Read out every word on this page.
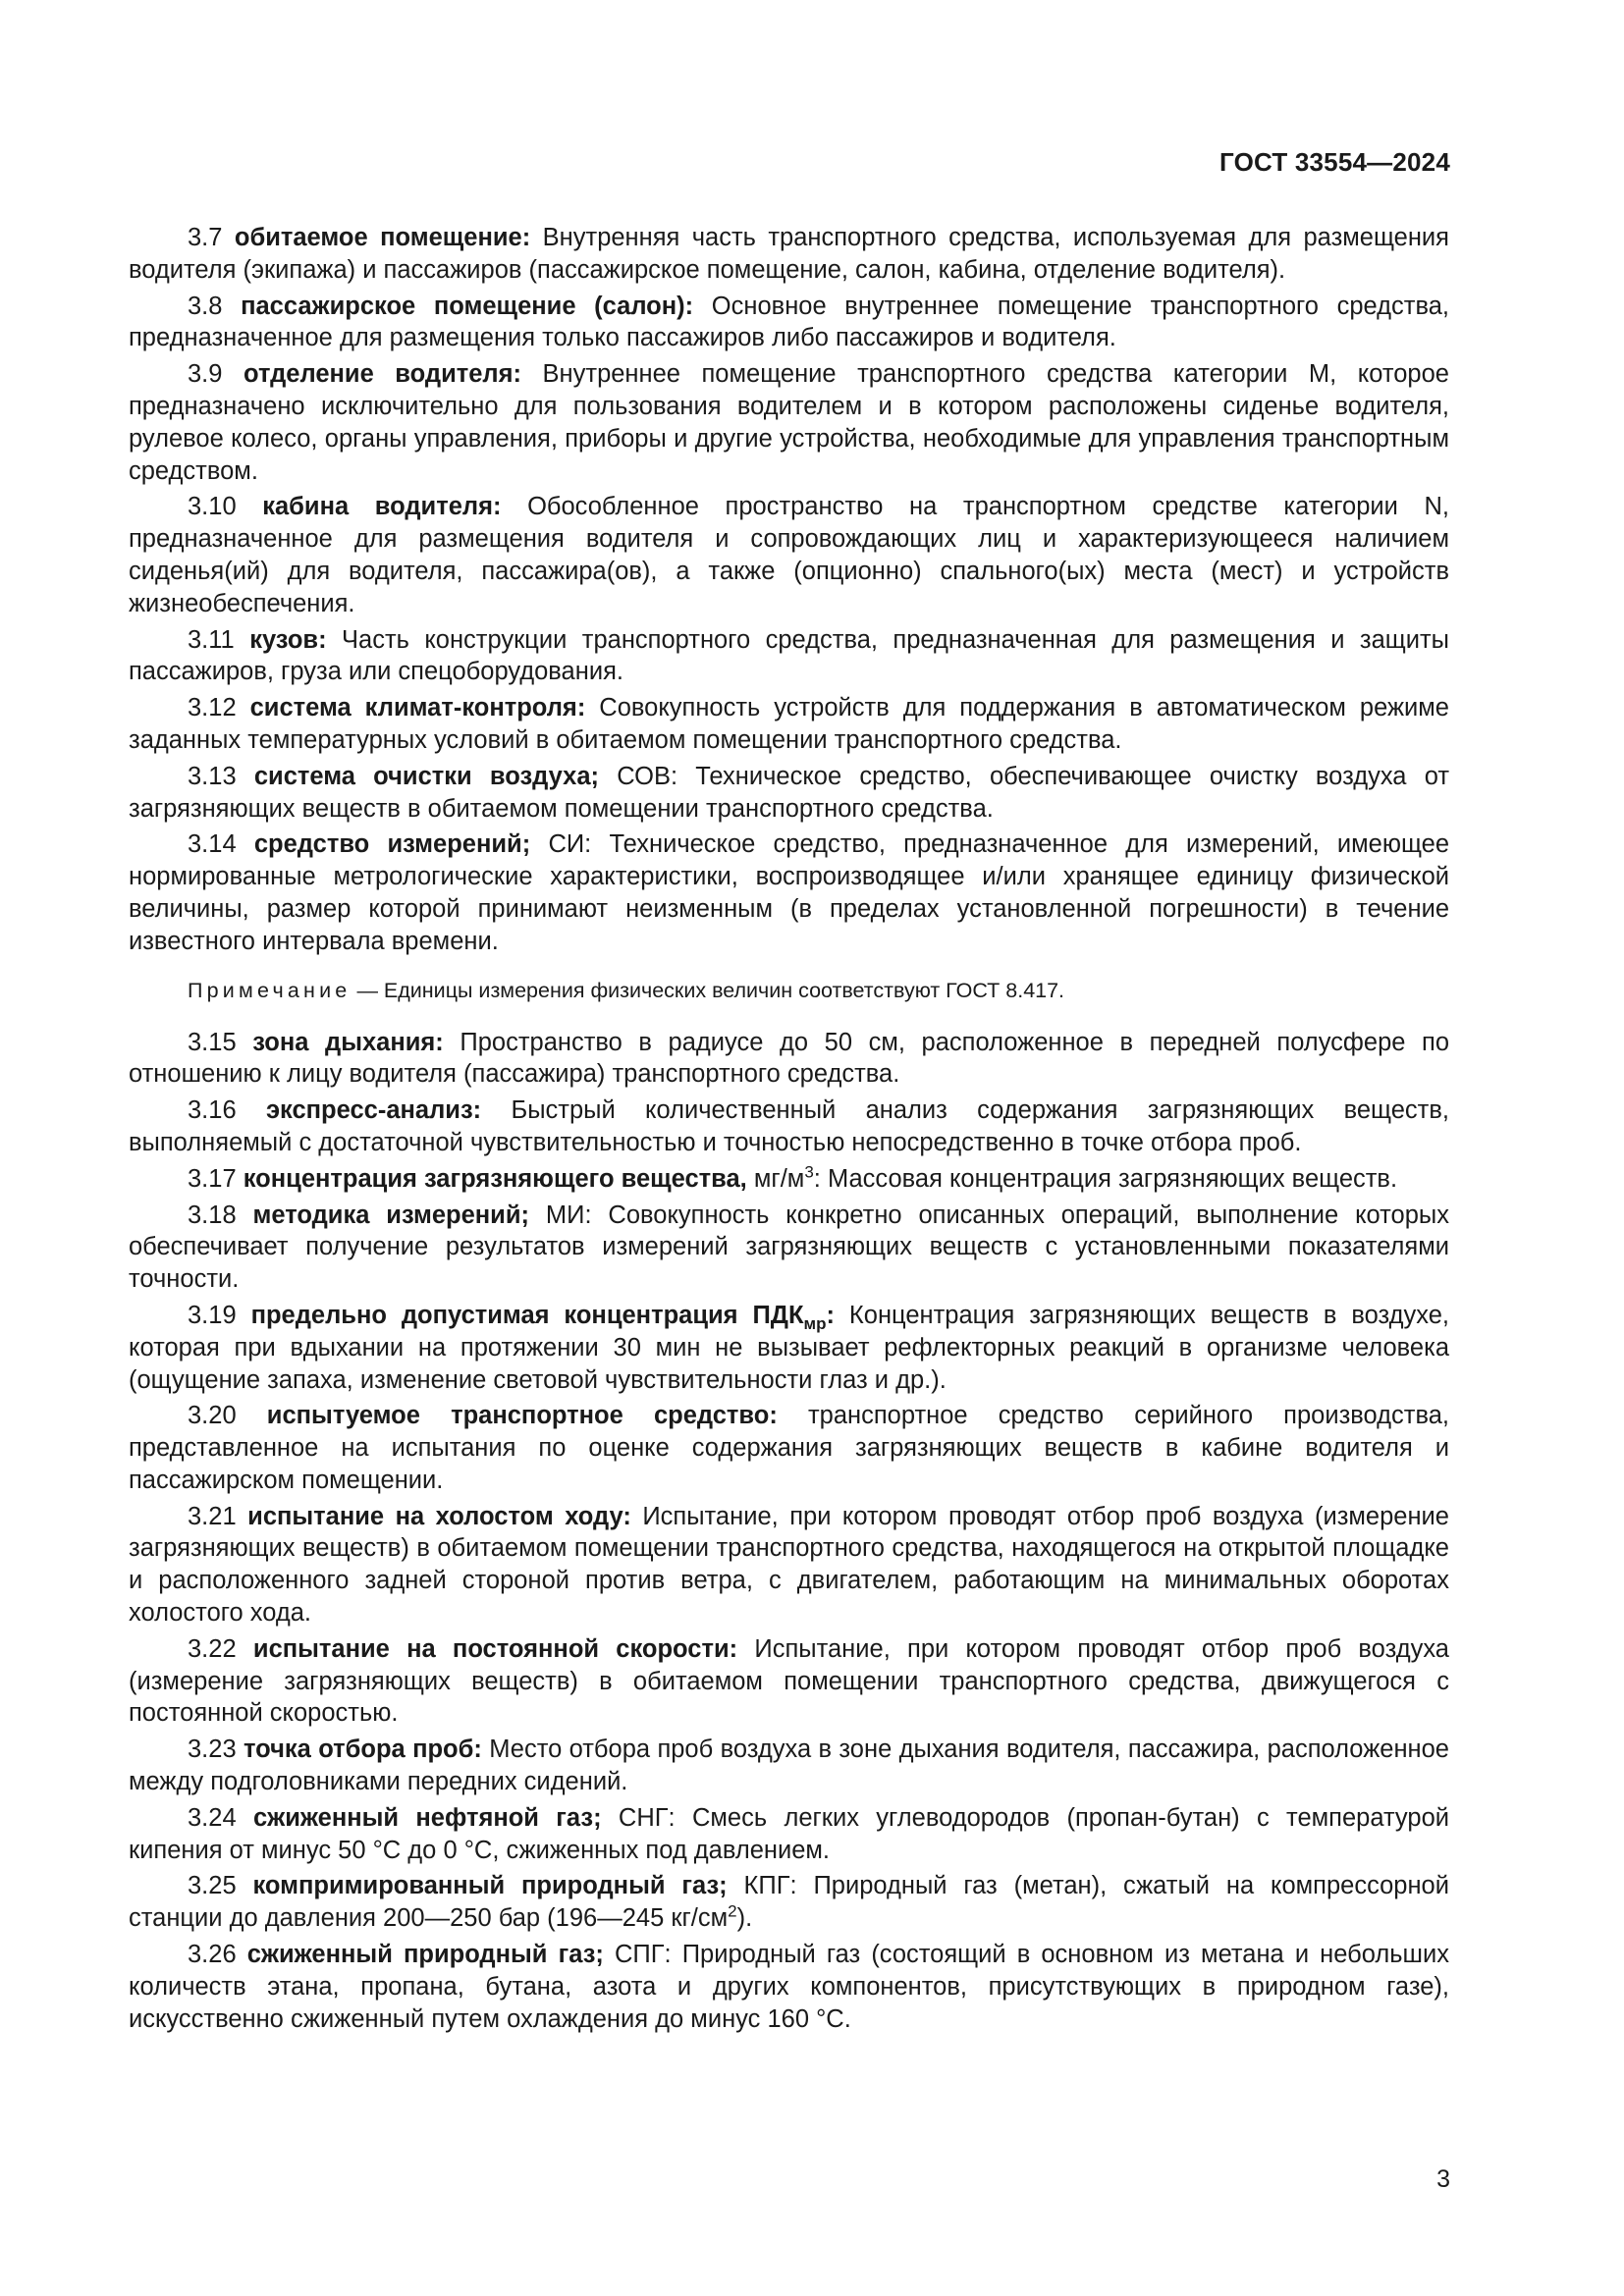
ГОСТ 33554—2024

3.7 обитаемое помещение: Внутренняя часть транспортного средства, используемая для размещения водителя (экипажа) и пассажиров (пассажирское помещение, салон, кабина, отделение водителя).

3.8 пассажирское помещение (салон): Основное внутреннее помещение транспортного средства, предназначенное для размещения только пассажиров либо пассажиров и водителя.

3.9 отделение водителя: Внутреннее помещение транспортного средства категории М, которое предназначено исключительно для пользования водителем и в котором расположены сиденье водителя, рулевое колесо, органы управления, приборы и другие устройства, необходимые для управления транспортным средством.

3.10 кабина водителя: Обособленное пространство на транспортном средстве категории N, предназначенное для размещения водителя и сопровождающих лиц и характеризующееся наличием сиденья(ий) для водителя, пассажира(ов), а также (опционно) спального(ых) места (мест) и устройств жизнеобеспечения.

3.11 кузов: Часть конструкции транспортного средства, предназначенная для размещения и защиты пассажиров, груза или спецоборудования.

3.12 система климат-контроля: Совокупность устройств для поддержания в автоматическом режиме заданных температурных условий в обитаемом помещении транспортного средства.

3.13 система очистки воздуха; СОВ: Техническое средство, обеспечивающее очистку воздуха от загрязняющих веществ в обитаемом помещении транспортного средства.

3.14 средство измерений; СИ: Техническое средство, предназначенное для измерений, имеющее нормированные метрологические характеристики, воспроизводящее и/или хранящее единицу физической величины, размер которой принимают неизменным (в пределах установленной погрешности) в течение известного интервала времени.

Примечание — Единицы измерения физических величин соответствуют ГОСТ 8.417.

3.15 зона дыхания: Пространство в радиусе до 50 см, расположенное в передней полусфере по отношению к лицу водителя (пассажира) транспортного средства.

3.16 экспресс-анализ: Быстрый количественный анализ содержания загрязняющих веществ, выполняемый с достаточной чувствительностью и точностью непосредственно в точке отбора проб.

3.17 концентрация загрязняющего вещества, $мг/м^3$: Массовая концентрация загрязняющих веществ.

3.18 методика измерений; МИ: Совокупность конкретно описанных операций, выполнение которых обеспечивает получение результатов измерений загрязняющих веществ с установленными показателями точности.

3.19 предельно допустимая концентрация $ПДК_{мр}$: Концентрация загрязняющих веществ в воздухе, которая при вдыхании на протяжении 30 мин не вызывает рефлекторных реакций в организме человека (ощущение запаха, изменение световой чувствительности глаз и др.).

3.20 испытуемое транспортное средство: транспортное средство серийного производства, представленное на испытания по оценке содержания загрязняющих веществ в кабине водителя и пассажирском помещении.

3.21 испытание на холостом ходу: Испытание, при котором проводят отбор проб воздуха (измерение загрязняющих веществ) в обитаемом помещении транспортного средства, находящегося на открытой площадке и расположенного задней стороной против ветра, с двигателем, работающим на минимальных оборотах холостого хода.

3.22 испытание на постоянной скорости: Испытание, при котором проводят отбор проб воздуха (измерение загрязняющих веществ) в обитаемом помещении транспортного средства, движущегося с постоянной скоростью.

3.23 точка отбора проб: Место отбора проб воздуха в зоне дыхания водителя, пассажира, расположенное между подголовниками передних сидений.

3.24 сжиженный нефтяной газ; СНГ: Смесь легких углеводородов (пропан-бутан) с температурой кипения от минус 50 °С до 0 °С, сжиженных под давлением.

3.25 компримированный природный газ; КПГ: Природный газ (метан), сжатый на компрессорной станции до давления 200—250 бар (196—245 $кг/см^2$).

3.26 сжиженный природный газ; СПГ: Природный газ (состоящий в основном из метана и небольших количеств этана, пропана, бутана, азота и других компонентов, присутствующих в природном газе), искусственно сжиженный путем охлаждения до минус 160 °С.

3
